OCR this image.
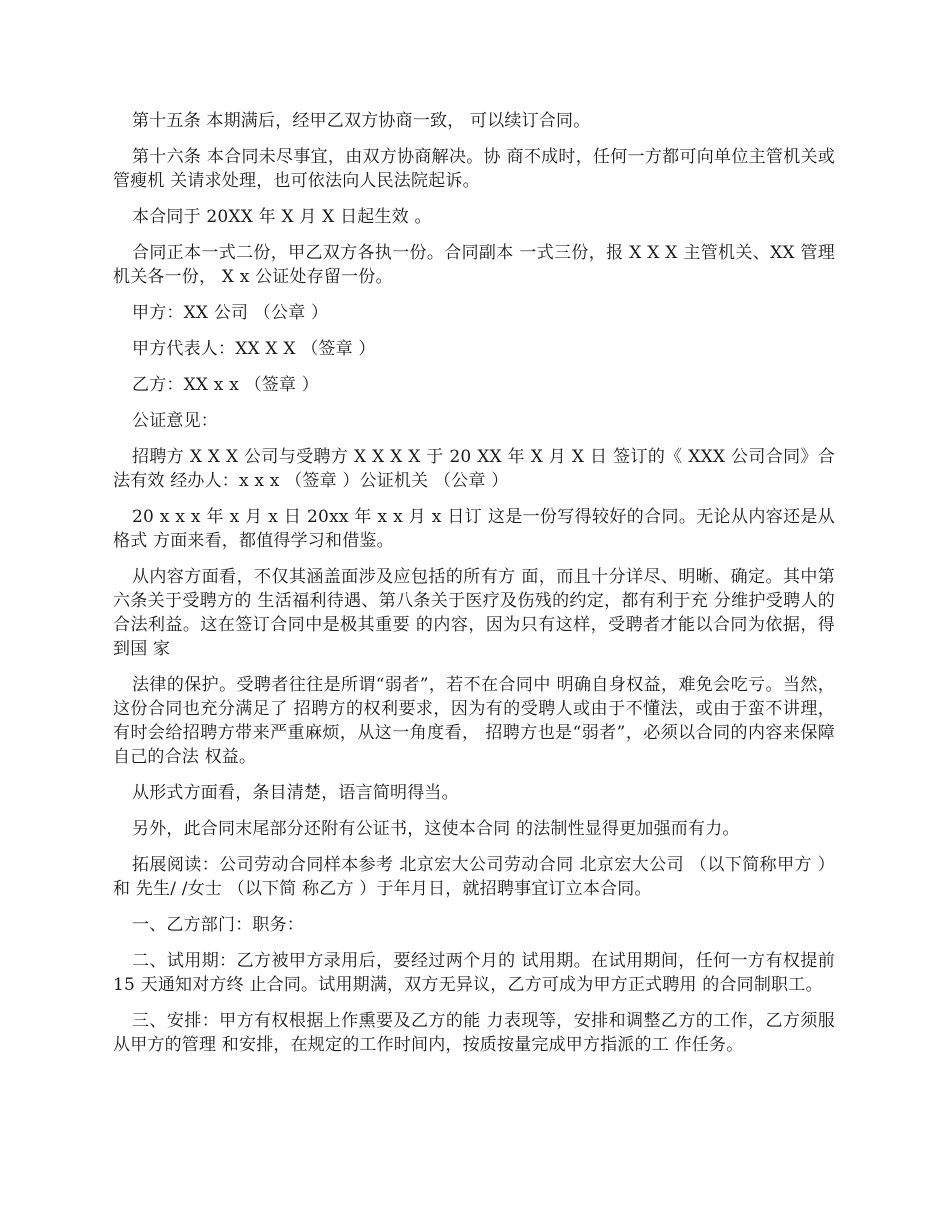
第十五条 本期满后，经甲乙双方协商一致， 可以续订合同。

第十六条 本合同未尽事宜，由双方协商解决。协 商不成时，任何一方都可向单位主管机关或管瘦机 关请求处理，也可依法向人民法院起诉。

本合同于 20XX 年 X 月 X 日起生效 。

合同正本一式二份，甲乙双方各执一份。合同副本 一式三份，报 X X X 主管机关、XX 管理机关各一份， X x 公证处存留一份。

甲方：XX 公司 （公章 ）

甲方代表人：XX X X （签章 ）

乙方：XX x x （签章 ）

公证意见：

招聘方 X X X 公司与受聘方 X X X X 于 20 XX 年 X 月 X 日 签订的《 XXX 公司合同》合法有效 经办人：x x x （签章 ）公证机关 （公章 ）

20 x x x 年 x 月 x 日 20xx 年 x x 月 x 日订 这是一份写得较好的合同。无论从内容还是从格式 方面来看，都值得学习和借鉴。

从内容方面看，不仅其涵盖面涉及应包括的所有方 面，而且十分详尽、明晰、确定。其中第六条关于受聘方的 生活福利待遇、第八条关于医疗及伤残的约定，都有利于充 分维护受聘人的合法利益。这在签订合同中是极其重要 的内容，因为只有这样，受聘者才能以合同为依据，得到国 家

法律的保护。受聘者往往是所谓“弱者”，若不在合同中 明确自身权益，难免会吃亏。当然，这份合同也充分满足了 招聘方的权利要求，因为有的受聘人或由于不懂法，或由于蛮不讲理，有时会给招聘方带来严重麻烦，从这一角度看， 招聘方也是“弱者”，必须以合同的内容来保障自己的合法 权益。

从形式方面看，条目清楚，语言简明得当。

另外，此合同末尾部分还附有公证书，这使本合同 的法制性显得更加强而有力。

拓展阅读：公司劳动合同样本参考 北京宏大公司劳动合同 北京宏大公司 （以下简称甲方 ）和 先生/ /女士 （以下简 称乙方 ）于年月日，就招聘事宜订立本合同。

一、乙方部门：职务：

二、试用期：乙方被甲方录用后，要经过两个月的 试用期。在试用期间，任何一方有权提前 15 天通知对方终 止合同。试用期满，双方无异议，乙方可成为甲方正式聘用 的合同制职工。

三、安排：甲方有权根据上作熏要及乙方的能 力表现等，安排和调整乙方的工作，乙方须服从甲方的管理 和安排，在规定的工作时间内，按质按量完成甲方指派的工 作任务。
